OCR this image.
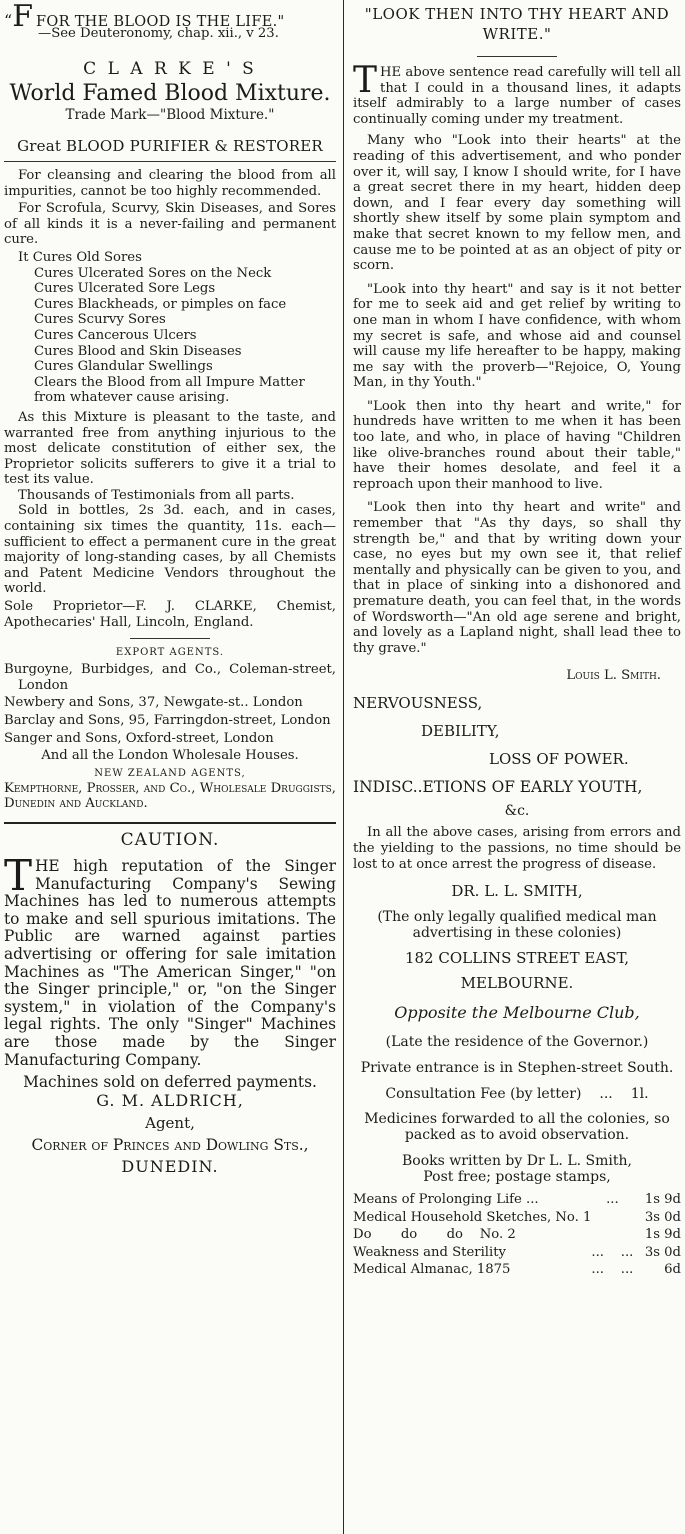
“F FOR THE BLOOD IS THE LIFE."
—See Deuteronomy, chap. xii., v 23.
C L A R K E ' S
World Famed Blood Mixture.
Trade Mark—"Blood Mixture."
Great BLOOD PURIFIER & RESTORER

For cleansing and clearing the blood from all impurities, cannot be too highly recommended.

For Scrofula, Scurvy, Skin Diseases, and Sores of all kinds it is a never-failing and permanent cure.

It Cures Old Sores
Cures Ulcerated Sores on the Neck
Cures Ulcerated Sore Legs
Cures Blackheads, or pimples on face
Cures Scurvy Sores
Cures Cancerous Ulcers
Cures Blood and Skin Diseases
Cures Glandular Swellings
Clears the Blood from all Impure Matter from whatever cause arising.

As this Mixture is pleasant to the taste, and warranted free from anything injurious to the most delicate constitution of either sex, the Proprietor solicits sufferers to give it a trial to test its value.

Thousands of Testimonials from all parts.

Sold in bottles, 2s 3d. each, and in cases, containing six times the quantity, 11s. each—sufficient to effect a permanent cure in the great majority of long-standing cases, by all Chemists and Patent Medicine Vendors throughout the world.

Sole Proprietor—F. J. CLARKE, Chemist, Apothecaries' Hall, Lincoln, England.

EXPORT AGENTS.
Burgoyne, Burbidges, and Co., Coleman-street, London
Newbery and Sons, 37, Newgate-st.. London
Barclay and Sons, 95, Farringdon-street, London
Sanger and Sons, Oxford-street, London
And all the London Wholesale Houses.
NEW ZEALAND AGENTS,
Kempthorne, Prosser, and Co., Wholesale Druggists, Dunedin and Auckland.
CAUTION.
THE high reputation of the Singer Manufacturing Company's Sewing Machines has led to numerous attempts to make and sell spurious imitations. The Public are warned against parties advertising or offering for sale imitation Machines as "The American Singer," "on the Singer principle," or, "on the Singer system," in violation of the Company's legal rights. The only "Singer" Machines are those made by the Singer Manufacturing Company.
Machines sold on deferred payments.
G. M. ALDRICH,
Agent,
Corner of Princes and Dowling Sts.,
DUNEDIN.
"LOOK THEN INTO THY HEART AND WRITE."
THE above sentence read carefully will tell all that I could in a thousand lines, it adapts itself admirably to a large number of cases continually coming under my treatment.

Many who "Look into their hearts" at the reading of this advertisement, and who ponder over it, will say, I know I should write, for I have a great secret there in my heart, hidden deep down, and I fear every day something will shortly shew itself by some plain symptom and make that secret known to my fellow men, and cause me to be pointed at as an object of pity or scorn.

"Look into thy heart" and say is it not better for me to seek aid and get relief by writing to one man in whom I have confidence, with whom my secret is safe, and whose aid and counsel will cause my life hereafter to be happy, making me say with the proverb—"Rejoice, O, Young Man, in thy Youth."

"Look then into thy heart and write," for hundreds have written to me when it has been too late, and who, in place of having "Children like olive-branches round about their table," have their homes desolate, and feel it a reproach upon their manhood to live.

"Look then into thy heart and write" and remember that "As thy days, so shall thy strength be," and that by writing down your case, no eyes but my own see it, that relief mentally and physically can be given to you, and that in place of sinking into a dishonored and premature death, you can feel that, in the words of Wordsworth—"An old age serene and bright, and lovely as a Lapland night, shall lead thee to thy grave."

Louis L. Smith.
NERVOUSNESS,
DEBILITY,
LOSS OF POWER.
INDISC..ETIONS OF EARLY YOUTH,
&c.

In all the above cases, arising from errors and the yielding to the passions, no time should be lost to at once arrest the progress of disease.

DR. L. L. SMITH,
(The only legally qualified medical man advertising in these colonies)
182 COLLINS STREET EAST,
MELBOURNE.
Opposite the Melbourne Club,
(Late the residence of the Governor.)
Private entrance is in Stephen-street South.
Consultation Fee (by letter) ... 1l.
Medicines forwarded to all the colonies, so packed as to avoid observation.
Books written by Dr L. L. Smith,
Post free; postage stamps,
Means of Prolonging Life ...	...	1s 9d
Medical Household Sketches, No. 1		3s 0d
Do       do       do    No. 2		1s 9d
Weakness and Sterility	...    ...	3s 0d
Medical Almanac, 1875	...    ...	6d
